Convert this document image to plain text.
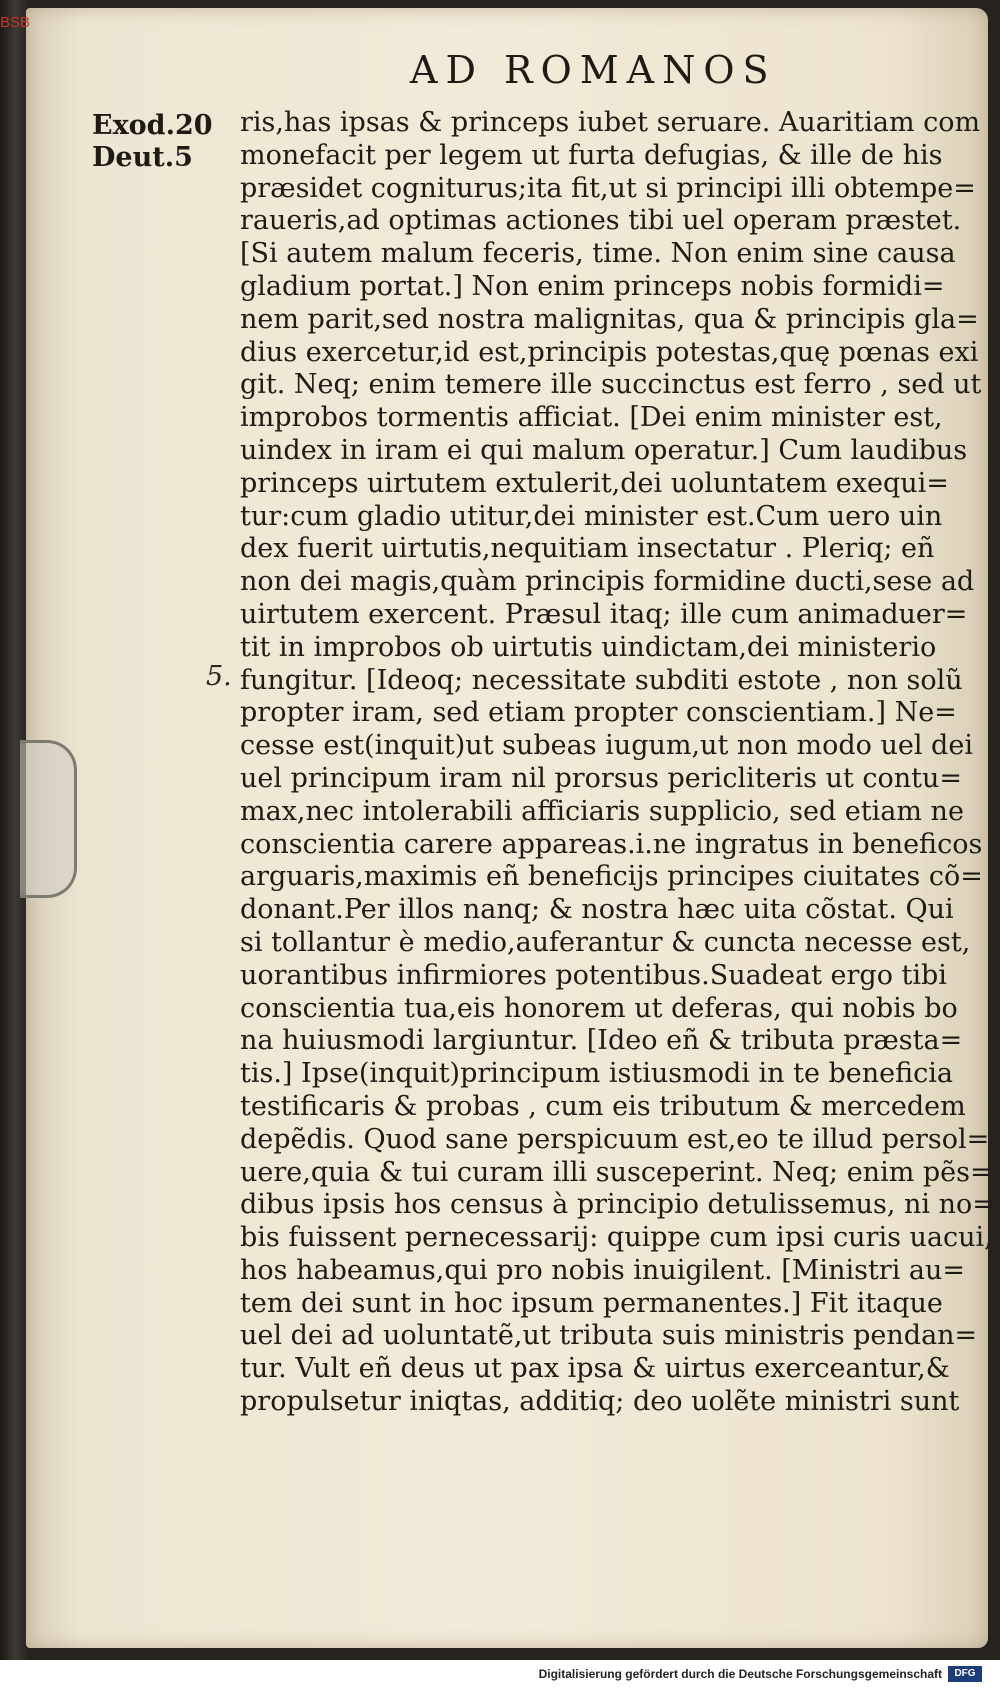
BSB
AD ROMANOS
Exod.20
Deut.5
5.
ris,has ipsas & princeps iubet seruare. Auaritiam com
monefacit per legem ut furta defugias, & ille de his
præsidet cogniturus;ita fit,ut si principi illi obtempe=
raueris,ad optimas actiones tibi uel operam præstet.
[Si autem malum feceris, time. Non enim sine causa
gladium portat.] Non enim princeps nobis formidi=
nem parit,sed nostra malignitas, qua & principis gla=
dius exercetur,id est,principis potestas,quę pœnas exi
git. Neq; enim temere ille succinctus est ferro , sed ut
improbos tormentis afficiat. [Dei enim minister est,
uindex in iram ei qui malum operatur.] Cum laudibus
princeps uirtutem extulerit,dei uoluntatem exequi=
tur:cum gladio utitur,dei minister est.Cum uero uin
dex fuerit uirtutis,nequitiam insectatur . Pleriq; eñ
non dei magis,quàm principis formidine ducti,sese ad
uirtutem exercent. Præsul itaq; ille cum animaduer=
tit in improbos ob uirtutis uindictam,dei ministerio
fungitur. [Ideoq; necessitate subditi estote , non solũ
propter iram, sed etiam propter conscientiam.] Ne=
cesse est(inquit)ut subeas iugum,ut non modo uel dei
uel principum iram nil prorsus pericliteris ut contu=
max,nec intolerabili afficiaris supplicio, sed etiam ne
conscientia carere appareas.i.ne ingratus in beneficos
arguaris,maximis eñ beneficijs principes ciuitates cõ=
donant.Per illos nanq; & nostra hæc uita cõstat. Qui
si tollantur è medio,auferantur & cuncta necesse est,
uorantibus infirmiores potentibus.Suadeat ergo tibi
conscientia tua,eis honorem ut deferas, qui nobis bo
na huiusmodi largiuntur. [Ideo eñ & tributa præsta=
tis.] Ipse(inquit)principum istiusmodi in te beneficia
testificaris & probas , cum eis tributum & mercedem
depẽdis. Quod sane perspicuum est,eo te illud persol=
uere,quia & tui curam illi susceperint. Neq; enim pẽs=
dibus ipsis hos census à principio detulissemus, ni no=
bis fuissent pernecessarij: quippe cum ipsi curis uacui,
hos habeamus,qui pro nobis inuigilent. [Ministri au=
tem dei sunt in hoc ipsum permanentes.] Fit itaque
uel dei ad uoluntatẽ,ut tributa suis ministris pendan=
tur. Vult eñ deus ut pax ipsa & uirtus exerceantur,&
propulsetur iniqtas, additiq; deo uolẽte ministri sunt
Digitalisierung gefördert durch die Deutsche Forschungsgemeinschaft	DFG
